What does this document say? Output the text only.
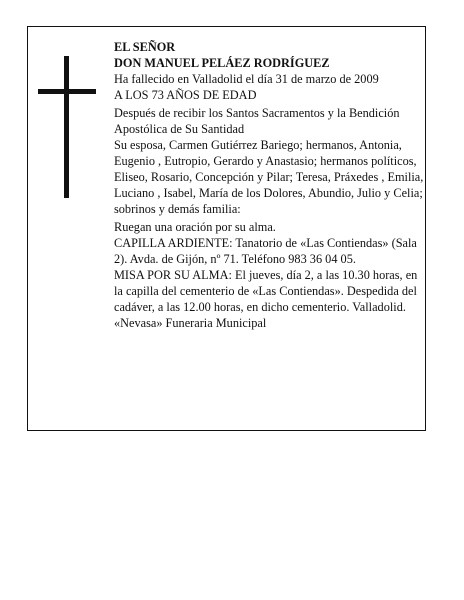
EL SEÑOR

DON MANUEL PELÁEZ RODRÍGUEZ

Ha fallecido en Valladolid el día 31 de marzo de 2009

A LOS 73 AÑOS DE EDAD

Después de recibir los Santos Sacramentos y la Bendición Apostólica de Su Santidad

Su esposa, Carmen Gutiérrez Bariego; hermanos, Antonia, Eugenio , Eutropio, Gerardo y Anastasio; hermanos políticos, Eliseo, Rosario, Concepción y Pilar; Teresa, Práxedes , Emilia, Luciano , Isabel, María de los Dolores, Abundio, Julio y Celia; sobrinos y demás familia:

Ruegan una oración por su alma.

CAPILLA ARDIENTE: Tanatorio de «Las Contiendas» (Sala 2). Avda. de Gijón, nº 71. Teléfono 983 36 04 05.

MISA POR SU ALMA: El jueves, día 2, a las 10.30 horas, en la capilla del cementerio de «Las Contiendas». Despedida del cadáver, a las 12.00 horas, en dicho cementerio. Valladolid.

«Nevasa» Funeraria Municipal
